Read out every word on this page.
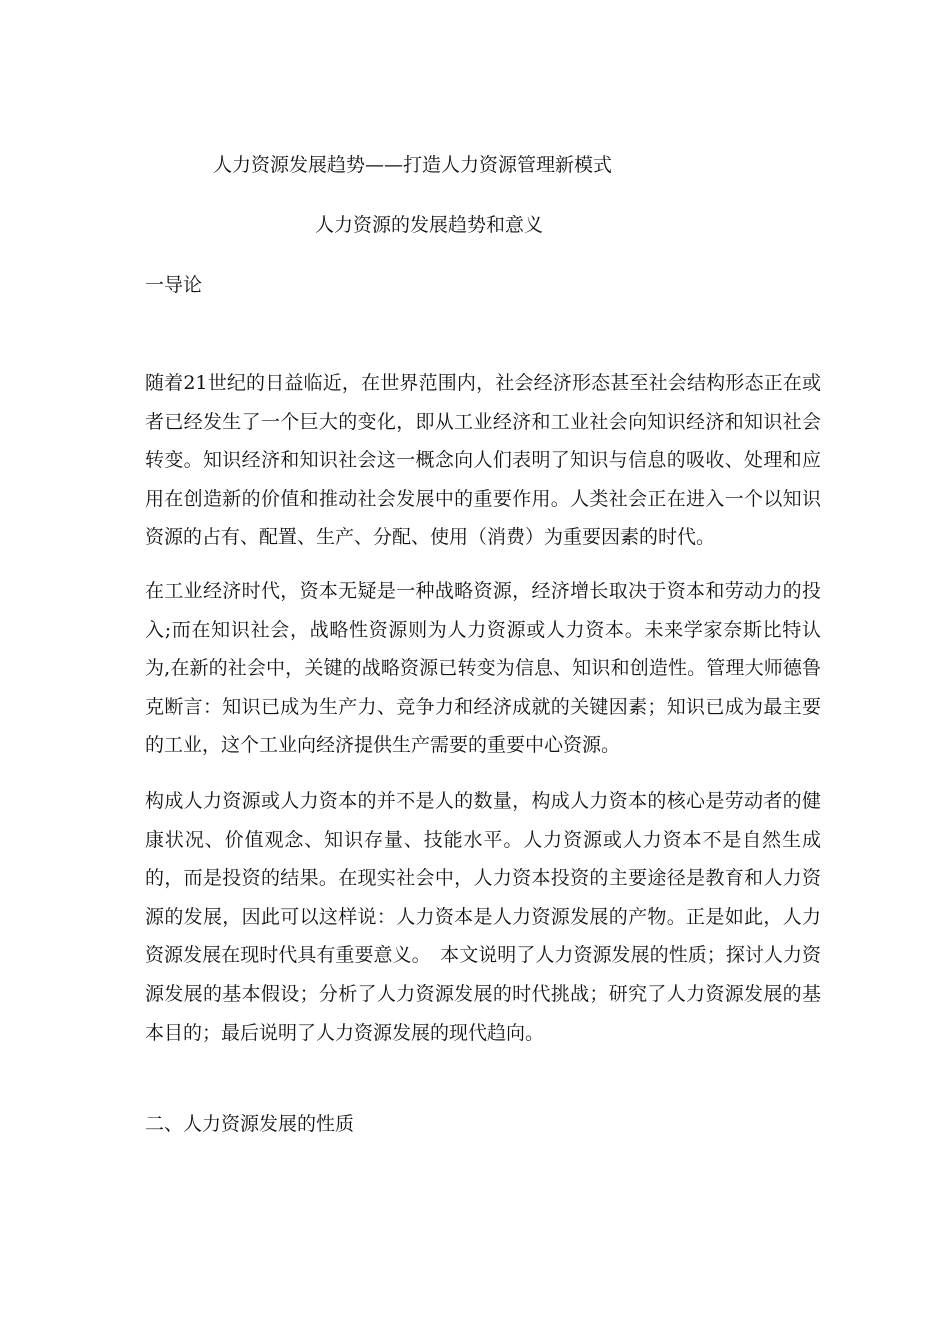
人力资源发展趋势——打造人力资源管理新模式
人力资源的发展趋势和意义
一导论

随着21世纪的日益临近，在世界范围内，社会经济形态甚至社会结构形态正在或者已经发生了一个巨大的变化，即从工业经济和工业社会向知识经济和知识社会转变。知识经济和知识社会这一概念向人们表明了知识与信息的吸收、处理和应用在创造新的价值和推动社会发展中的重要作用。人类社会正在进入一个以知识资源的占有、配置、生产、分配、使用（消费）为重要因素的时代。

在工业经济时代，资本无疑是一种战略资源，经济增长取决于资本和劳动力的投入;而在知识社会，战略性资源则为人力资源或人力资本。未来学家奈斯比特认为,在新的社会中，关键的战略资源已转变为信息、知识和创造性。管理大师德鲁克断言：知识已成为生产力、竞争力和经济成就的关键因素；知识已成为最主要的工业，这个工业向经济提供生产需要的重要中心资源。

构成人力资源或人力资本的并不是人的数量，构成人力资本的核心是劳动者的健康状况、价值观念、知识存量、技能水平。人力资源或人力资本不是自然生成的，而是投资的结果。在现实社会中，人力资本投资的主要途径是教育和人力资源的发展，因此可以这样说：人力资本是人力资源发展的产物。正是如此，人力资源发展在现时代具有重要意义。　本文说明了人力资源发展的性质；探讨人力资源发展的基本假设；分析了人力资源发展的时代挑战；研究了人力资源发展的基本目的；最后说明了人力资源发展的现代趋向。

二、人力资源发展的性质
